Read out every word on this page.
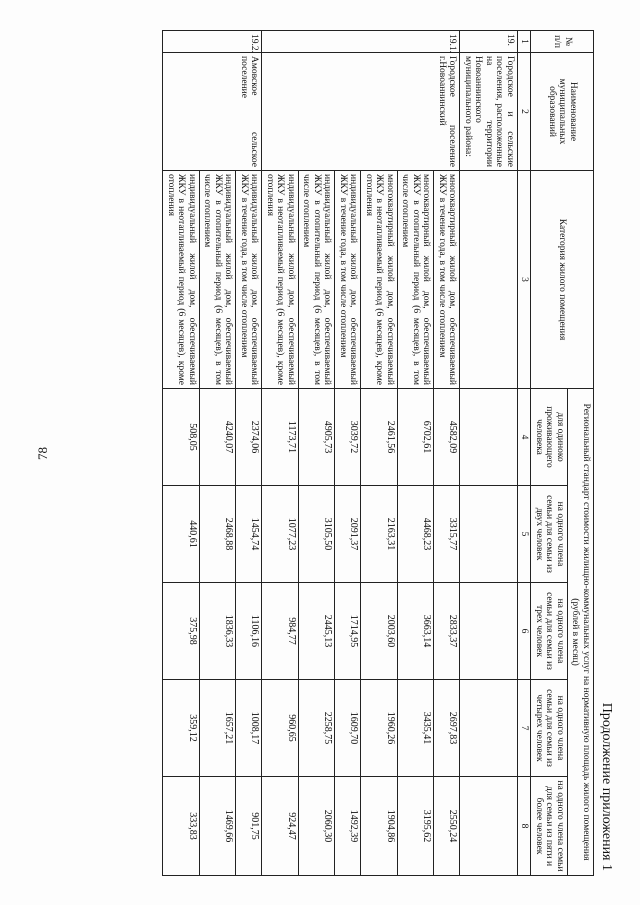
78
Продолжение приложения 1
№ п/п	Наименование муниципальных образований	Категория жилого помещения	Региональный стандарт стоимости жилищно-коммунальных услуг на нормативную площадь жилого помещения (рублей в месяц)				
			для одиноко проживающего человека	на одного члена семьи для семьи из двух человек	на одного члена семьи для семьи из трех человек	на одного члена семьи для семьи из четырех человек	на одного члена семьи для семьи из пяти и более человек
1	2	3	4	5	6	7	8
19.	Городское и сельские поселения, расположенные на территории Новоаннинского муниципального района:						
19.1.	Городское поселение г.Новоаннинский	многоквартирный жилой дом, обеспечиваемый ЖКУ в течение года, в том числе отоплением	4582,09	3315,77	2833,37	2697,83	2550,24
		многоквартирный жилой дом, обеспечиваемый ЖКУ в отопительный период (6 месяцев), в том числе отоплением	6702,61	4468,23	3663,14	3435,41	3195,62
		многоквартирный жилой дом, обеспечиваемый ЖКУ в неотапливаемый период (6 месяцев), кроме отопления	2461,56	2163,31	2003,60	1960,26	1904,86
		индивидуальный жилой дом, обеспечиваемый ЖКУ в течение года, в том числе отоплением	3039,72	2091,37	1714,95	1609,70	1492,39
		индивидуальный жилой дом, обеспечиваемый ЖКУ в отопительный период (6 месяцев), в том числе отоплением	4905,73	3105,50	2445,13	2258,75	2060,30
		индивидуальный жилой дом, обеспечиваемый ЖКУ в неотапливаемый период (6 месяцев), кроме отопления	1173,71	1077,23	984,77	960,65	924,47
19.2.	Амовское сельское поселение	индивидуальный жилой дом, обеспечиваемый ЖКУ в течение года, в том числе отоплением	2374,06	1454,74	1106,16	1008,17	901,75
		индивидуальный жилой дом, обеспечиваемый ЖКУ в отопительный период (6 месяцев), в том числе отоплением	4240,07	2468,88	1836,33	1657,21	1469,66
		индивидуальный жилой дом, обеспечиваемый ЖКУ в неотапливаемый период (6 месяцев), кроме отопления	508,05	440,61	375,98	359,12	333,83
